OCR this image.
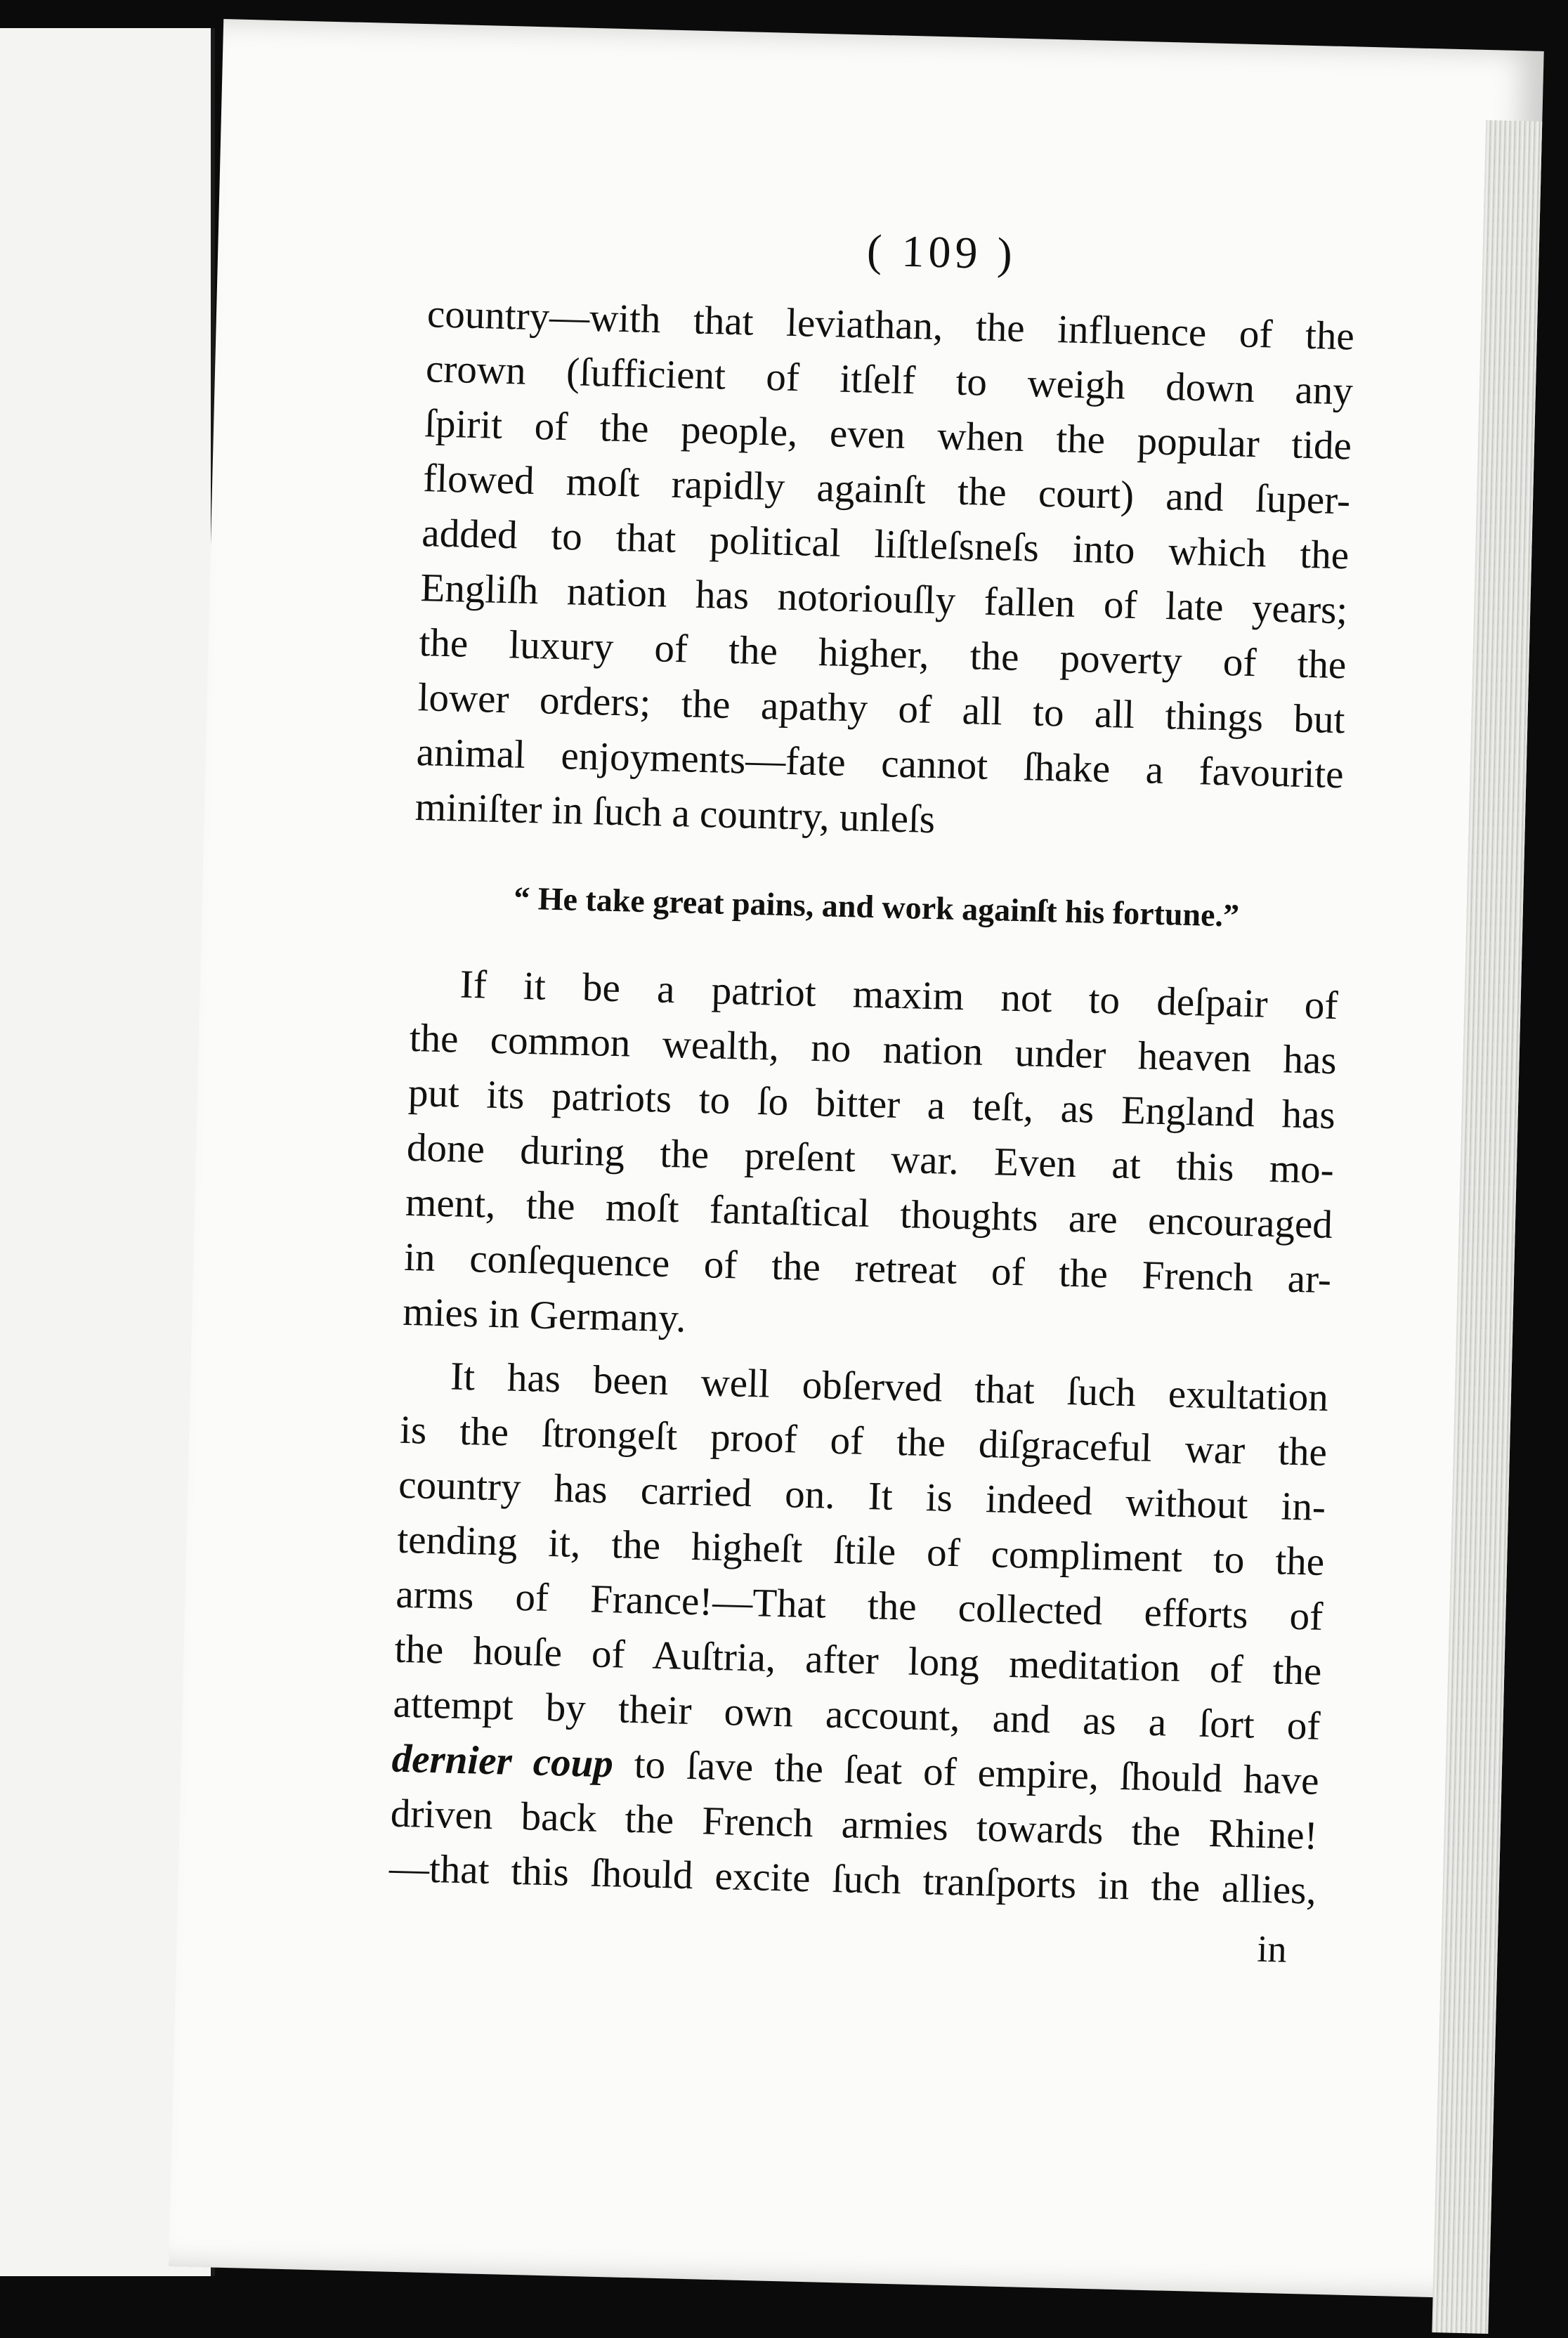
( 109 )
country—with that leviathan, the influence of the
crown (ſufficient of itſelf to weigh down any
ſpirit of the people, even when the popular tide
flowed moſt rapidly againſt the court) and ſuper-
added to that political liſtleſsneſs into which the
Engliſh nation has notoriouſly fallen of late years;
the luxury of the higher, the poverty of the
lower orders; the apathy of all to all things but
animal enjoyments—fate cannot ſhake a favourite
miniſter in ſuch a country, unleſs
“ He take great pains, and work againſt his fortune.”
If it be a patriot maxim not to deſpair of
the common wealth, no nation under heaven has
put its patriots to ſo bitter a teſt, as England has
done during the preſent war. Even at this mo-
ment, the moſt fantaſtical thoughts are encouraged
in conſequence of the retreat of the French ar-
mies in Germany.
It has been well obſerved that ſuch exultation
is the ſtrongeſt proof of the diſgraceful war the
country has carried on. It is indeed without in-
tending it, the higheſt ſtile of compliment to the
arms of France!—That the collected efforts of
the houſe of Auſtria, after long meditation of the
attempt by their own account, and as a ſort of
dernier coup to ſave the ſeat of empire, ſhould have
driven back the French armies towards the Rhine!
—that this ſhould excite ſuch tranſports in the allies,
in
